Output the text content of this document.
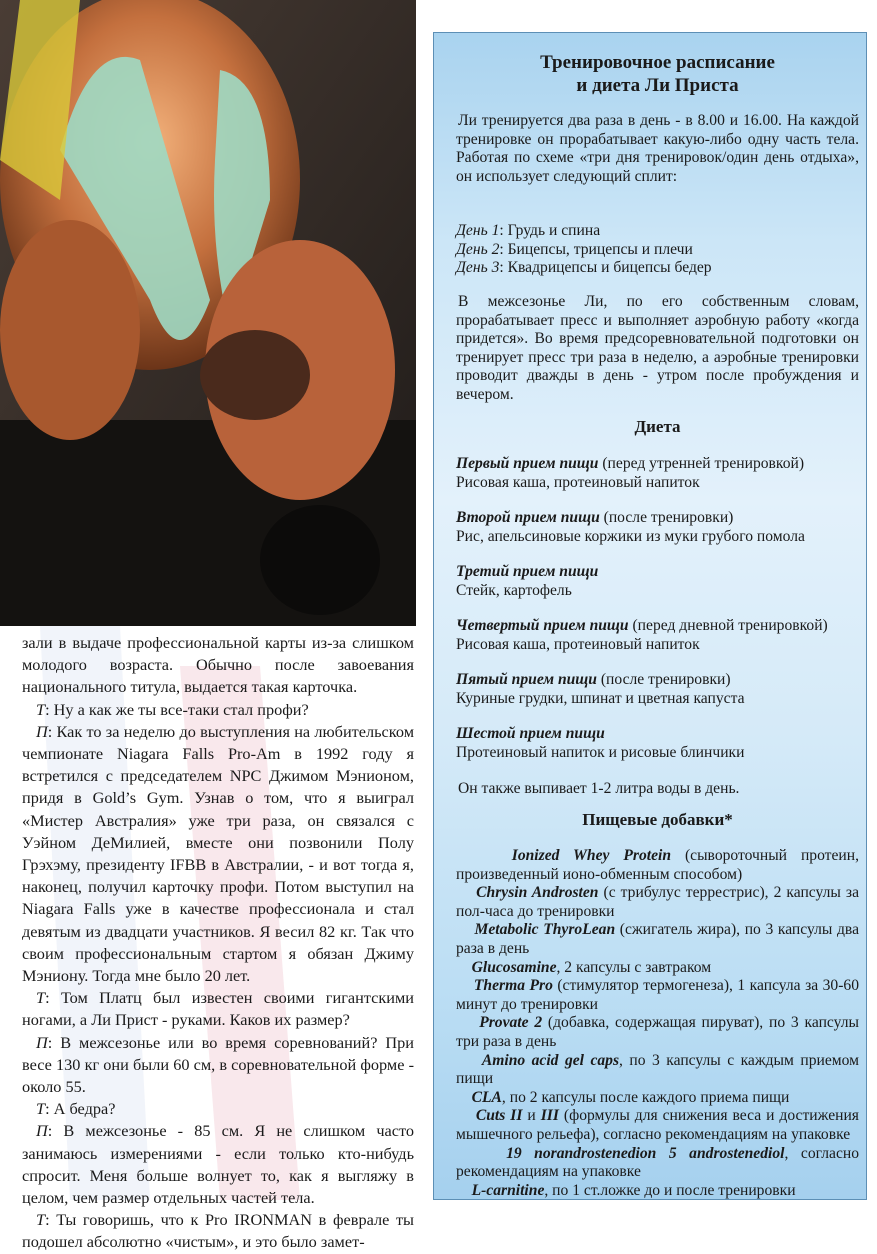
зали в выдаче профессиональной карты из-за слишком молодого возраста. Обычно после завоевания национального титула, выдается такая карточка.

Т: Ну а как же ты все-таки стал профи?

П: Как то за неделю до выступления на любительском чемпионате Niagara Falls Pro-Am в 1992 году я встретился с председателем NPC Джимом Мэнионом, придя в Gold’s Gym. Узнав о том, что я выиграл «Мистер Австралия» уже три раза, он связался с Уэйном ДеМилией, вместе они позвонили Полу Грэхэму, президенту IFBB в Австралии, - и вот тогда я, наконец, получил карточку профи. Потом выступил на Niagara Falls уже в качестве профессионала и стал девятым из двадцати участников. Я весил 82 кг. Так что своим профессиональным стартом я обязан Джиму Мэниону. Тогда мне было 20 лет.

Т: Том Платц был известен своими гигантскими ногами, а Ли Прист - руками. Каков их размер?

П: В межсезонье или во время соревнований? При весе 130 кг они были 60 см, в соревновательной форме - около 55.

Т: А бедра?

П: В межсезонье - 85 см. Я не слишком часто занимаюсь измерениями - если только кто-нибудь спросит. Меня больше волнует то, как я выгляжу в целом, чем размер отдельных частей тела.

Т: Ты говоришь, что к Pro IRONMAN в феврале ты подошел абсолютно «чистым», и это было замет-

Тренировочное расписание
и диета Ли Приста

Ли тренируется два раза в день - в 8.00 и 16.00. На каждой тренировке он прорабатывает какую-либо одну часть тела. Работая по схеме «три дня тренировок/один день отдыха», он использует следующий сплит:

День 1: Грудь и спина

День 2: Бицепсы, трицепсы и плечи

День 3: Квадрицепсы и бицепсы бедер

В межсезонье Ли, по его собственным словам, прорабатывает пресс и выполняет аэробную работу «когда придется». Во время предсоревновательной подготовки он тренирует пресс три раза в неделю, а аэробные тренировки проводит дважды в день - утром после пробуждения и вечером.

Диета

Первый прием пищи (перед утренней тренировкой)

Рисовая каша, протеиновый напиток

Второй прием пищи (после тренировки)

Рис, апельсиновые коржики из муки грубого помола

Третий прием пищи

Стейк, картофель

Четвертый прием пищи (перед дневной тренировкой)

Рисовая каша, протеиновый напиток

Пятый прием пищи (после тренировки)

Куриные грудки, шпинат и цветная капуста

Шестой прием пищи

Протеиновый напиток и рисовые блинчики

Он также выпивает 1-2 литра воды в день.

Пищевые добавки*

Ionized Whey Protein (сывороточный протеин, произведенный ионо-обменным способом)

Chrysin Androsten (с трибулус террестрис), 2 капсулы за пол-часа до тренировки

Metabolic ThyroLean (сжигатель жира), по 3 капсулы два раза в день

Glucosamine, 2 капсулы с завтраком

Therma Pro (стимулятор термогенеза), 1 капсула за 30-60 минут до тренировки

Provate 2 (добавка, содержащая пируват), по 3 капсулы три раза в день

Amino acid gel caps, по 3 капсулы с каждым приемом пищи

CLA, по 2 капсулы после каждого приема пищи

Cuts II и III (формулы для снижения веса и достижения мышечного рельефа), согласно рекомендациям на упаковке

19 norandrostenedion 5 androstenediol, согласно рекомендациям на упаковке

L-carnitine, по 1 ст.ложке до и после тренировки
